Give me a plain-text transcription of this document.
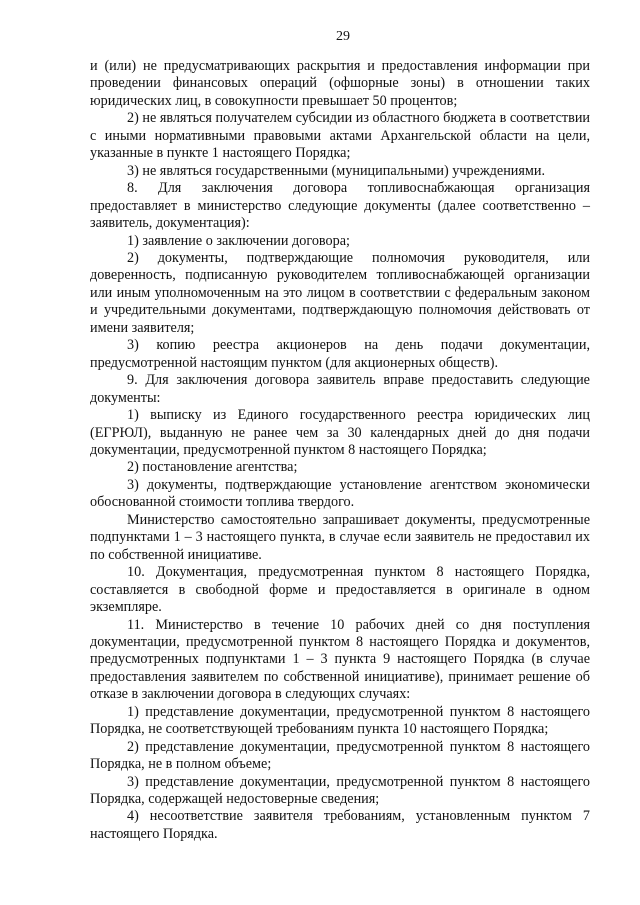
29

и (или) не предусматривающих раскрытия и предоставления информации при проведении финансовых операций (офшорные зоны) в отношении таких юридических лиц, в совокупности превышает 50 процентов;

2) не являться получателем субсидии из областного бюджета в соответствии с иными нормативными правовыми актами Архангельской области на цели, указанные в пункте 1 настоящего Порядка;

3) не являться государственными (муниципальными) учреждениями.

8. Для заключения договора топливоснабжающая организация предоставляет в министерство следующие документы (далее соответственно – заявитель, документация):

1) заявление о заключении договора;

2) документы, подтверждающие полномочия руководителя, или доверенность, подписанную руководителем топливоснабжающей организации или иным уполномоченным на это лицом в соответствии с федеральным законом и учредительными документами, подтверждающую полномочия действовать от имени заявителя;

3) копию реестра акционеров на день подачи документации, предусмотренной настоящим пунктом (для акционерных обществ).

9. Для заключения договора заявитель вправе предоставить следующие документы:

1) выписку из Единого государственного реестра юридических лиц (ЕГРЮЛ), выданную не ранее чем за 30 календарных дней до дня подачи документации, предусмотренной пунктом 8 настоящего Порядка;

2) постановление агентства;

3) документы, подтверждающие установление агентством экономически обоснованной стоимости топлива твердого.

Министерство самостоятельно запрашивает документы, предусмотренные подпунктами 1 – 3 настоящего пункта, в случае если заявитель не предоставил их по собственной инициативе.

10. Документация, предусмотренная пунктом 8 настоящего Порядка, составляется в свободной форме и предоставляется в оригинале в одном экземпляре.

11. Министерство в течение 10 рабочих дней со дня поступления документации, предусмотренной пунктом 8 настоящего Порядка и документов, предусмотренных подпунктами 1 – 3 пункта 9 настоящего Порядка (в случае предоставления заявителем по собственной инициативе), принимает решение об отказе в заключении договора в следующих случаях:

1) представление документации, предусмотренной пунктом 8 настоящего Порядка, не соответствующей требованиям пункта 10 настоящего Порядка;

2) представление документации, предусмотренной пунктом 8 настоящего Порядка, не в полном объеме;

3) представление документации, предусмотренной пунктом 8 настоящего Порядка, содержащей недостоверные сведения;

4) несоответствие заявителя требованиям, установленным пунктом 7 настоящего Порядка.
